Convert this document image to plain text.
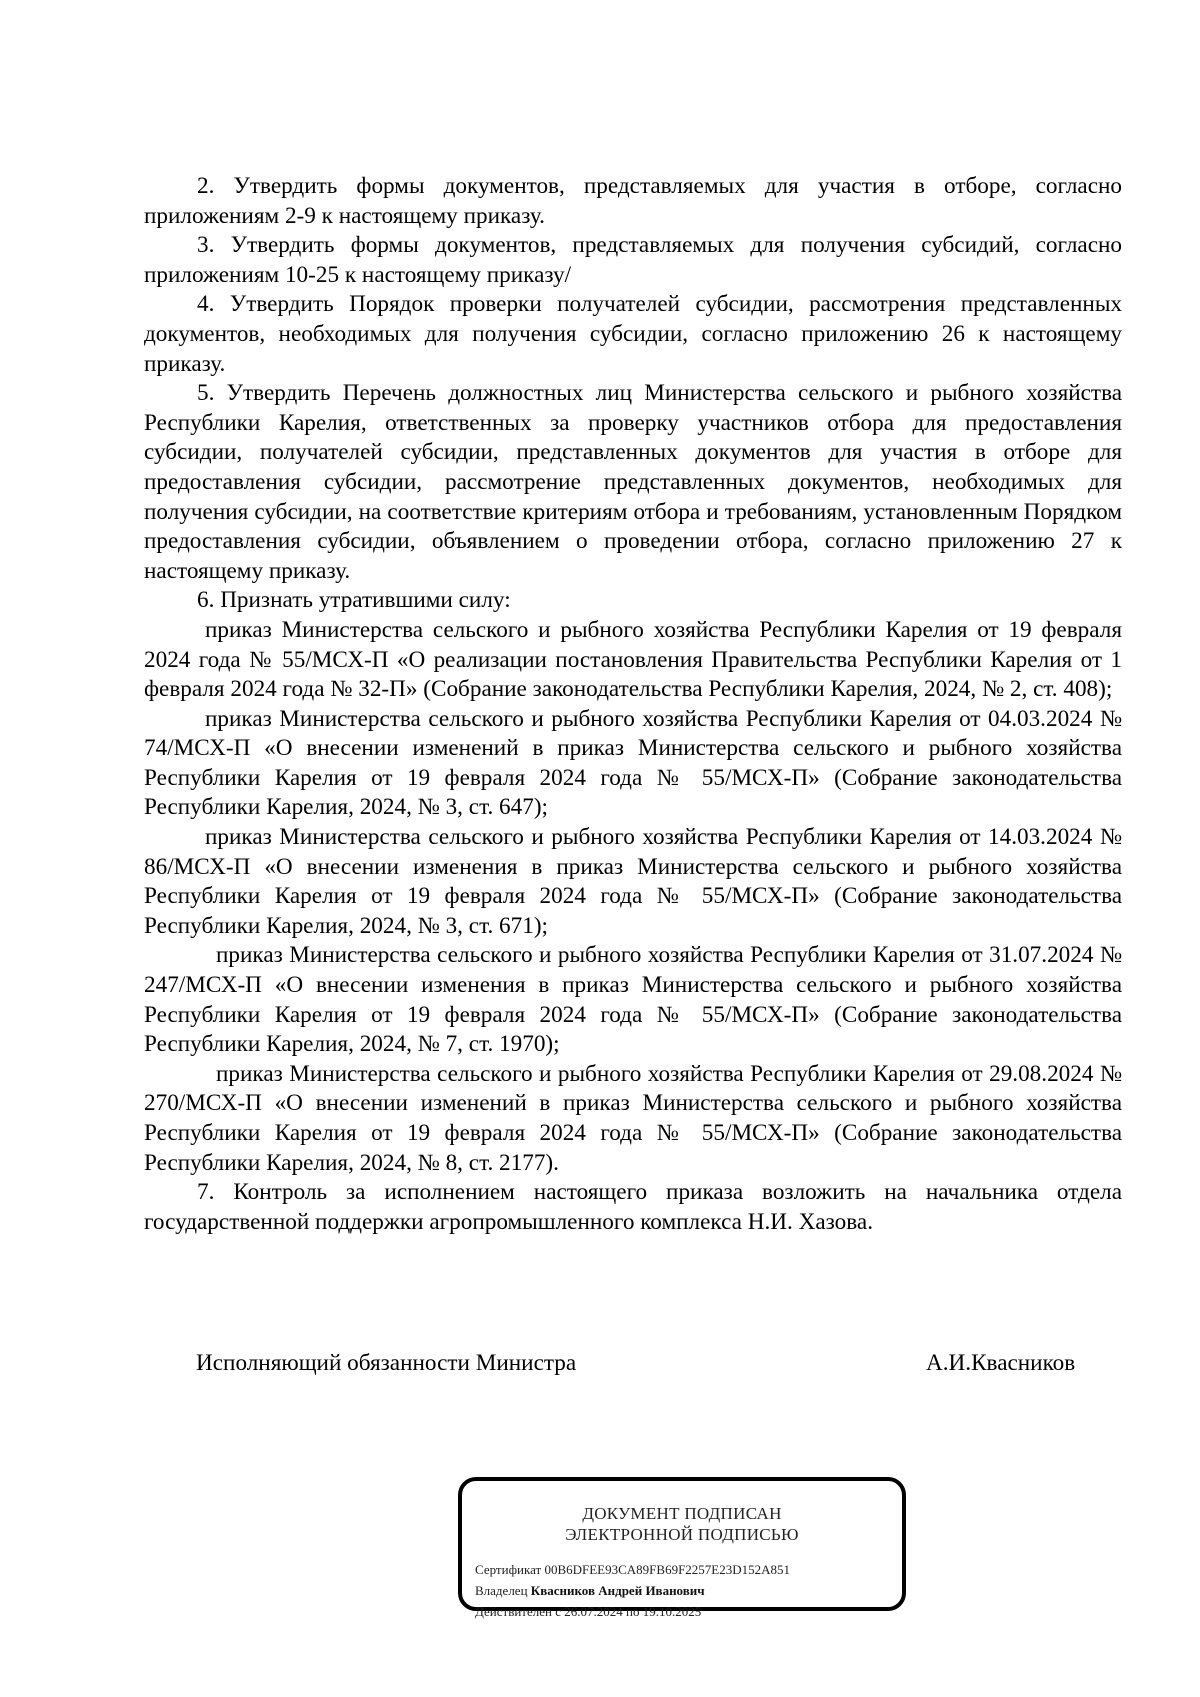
2. Утвердить формы документов, представляемых для участия в отборе, согласно приложениям 2-9 к настоящему приказу.

3. Утвердить формы документов, представляемых для получения субсидий, согласно приложениям 10-25 к настоящему приказу/

4. Утвердить Порядок проверки получателей субсидии, рассмотрения представленных документов, необходимых для получения субсидии, согласно приложению 26 к настоящему приказу.

5. Утвердить Перечень должностных лиц Министерства сельского и рыбного хозяйства Республики Карелия, ответственных за проверку участников отбора для предоставления субсидии, получателей субсидии, представленных документов для участия в отборе для предоставления субсидии, рассмотрение представленных документов, необходимых для получения субсидии, на соответствие критериям отбора и требованиям, установленным Порядком предоставления субсидии, объявлением о проведении отбора, согласно приложению 27 к настоящему приказу.

6. Признать утратившими силу:

приказ Министерства сельского и рыбного хозяйства Республики Карелия от 19 февраля 2024 года № 55/МСХ-П «О реализации постановления Правительства Республики Карелия от 1 февраля 2024 года № 32-П» (Собрание законодательства Республики Карелия, 2024, № 2, ст. 408);

приказ Министерства сельского и рыбного хозяйства Республики Карелия от 04.03.2024 № 74/МСХ-П «О внесении изменений в приказ Министерства сельского и рыбного хозяйства Республики Карелия от 19 февраля 2024 года № 55/МСХ-П» (Собрание законодательства Республики Карелия, 2024, № 3, ст. 647);

приказ Министерства сельского и рыбного хозяйства Республики Карелия от 14.03.2024 № 86/МСХ-П «О внесении изменения в приказ Министерства сельского и рыбного хозяйства Республики Карелия от 19 февраля 2024 года № 55/МСХ-П» (Собрание законодательства Республики Карелия, 2024, № 3, ст. 671);

приказ Министерства сельского и рыбного хозяйства Республики Карелия от 31.07.2024 № 247/МСХ-П «О внесении изменения в приказ Министерства сельского и рыбного хозяйства Республики Карелия от 19 февраля 2024 года № 55/МСХ-П» (Собрание законодательства Республики Карелия, 2024, № 7, ст. 1970);

приказ Министерства сельского и рыбного хозяйства Республики Карелия от 29.08.2024 № 270/МСХ-П «О внесении изменений в приказ Министерства сельского и рыбного хозяйства Республики Карелия от 19 февраля 2024 года № 55/МСХ-П» (Собрание законодательства Республики Карелия, 2024, № 8, ст. 2177).

7. Контроль за исполнением настоящего приказа возложить на начальника отдела государственной поддержки агропромышленного комплекса Н.И. Хазова.

Исполняющий обязанности Министра	А.И.Квасников
ДОКУМЕНТ ПОДПИСАН
ЭЛЕКТРОННОЙ ПОДПИСЬЮ
Сертификат 00B6DFEE93CA89FB69F2257E23D152A851
Владелец Квасников Андрей Иванович
Действителен с 26.07.2024 по 19.10.2025
